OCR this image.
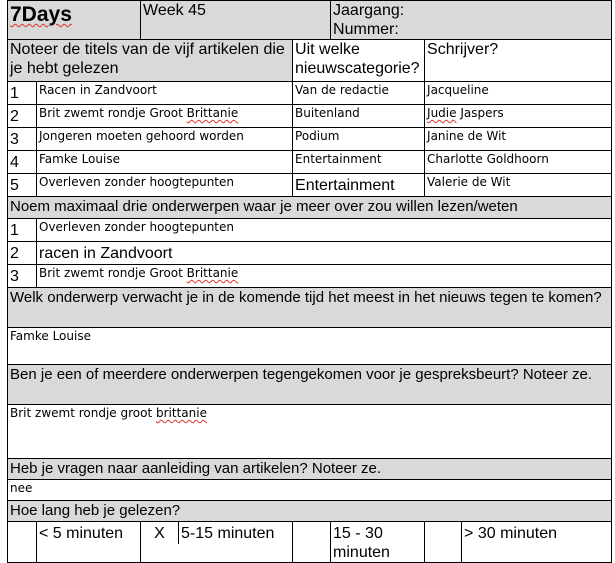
7Days		Week 45		Jaargang:
Nummer:		

Noteer de titels van de vijf artikelen die je hebt gelezen			Uit welke nieuwscategorie?		Schrijver?	
1	Racen in Zandvoort		Van de redactie		Jacqueline	
2	Brit zwemt rondje Groot Brittanie		Buitenland		Judie Jaspers	
3	Jongeren moeten gehoord worden		Podium		Janine de Wit	
4	Famke Louise		Entertainment		Charlotte Goldhoorn	
5	Overleven zonder hoogtepunten		Entertainment		Valerie de Wit	
Noem maximaal drie onderwerpen waar je meer over zou willen lezen/weten						
1	Overleven zonder hoogtepunten					
2	racen in Zandvoort					
3	Brit zwemt rondje Groot Brittanie					
Welk onderwerp verwacht je in de komende tijd het meest in het nieuws tegen te komen?						
Famke Louise						
Ben je een of meerdere onderwerpen tegengekomen voor je gespreksbeurt? Noteer ze.						
Brit zwemt rondje groot brittanie						
Heb je vragen naar aanleiding van artikelen? Noteer ze.						
nee						
Hoe lang heb je gelezen?						
	< 5 minuten	X 5-15 minuten		15 - 30 minuten		> 30 minuten
